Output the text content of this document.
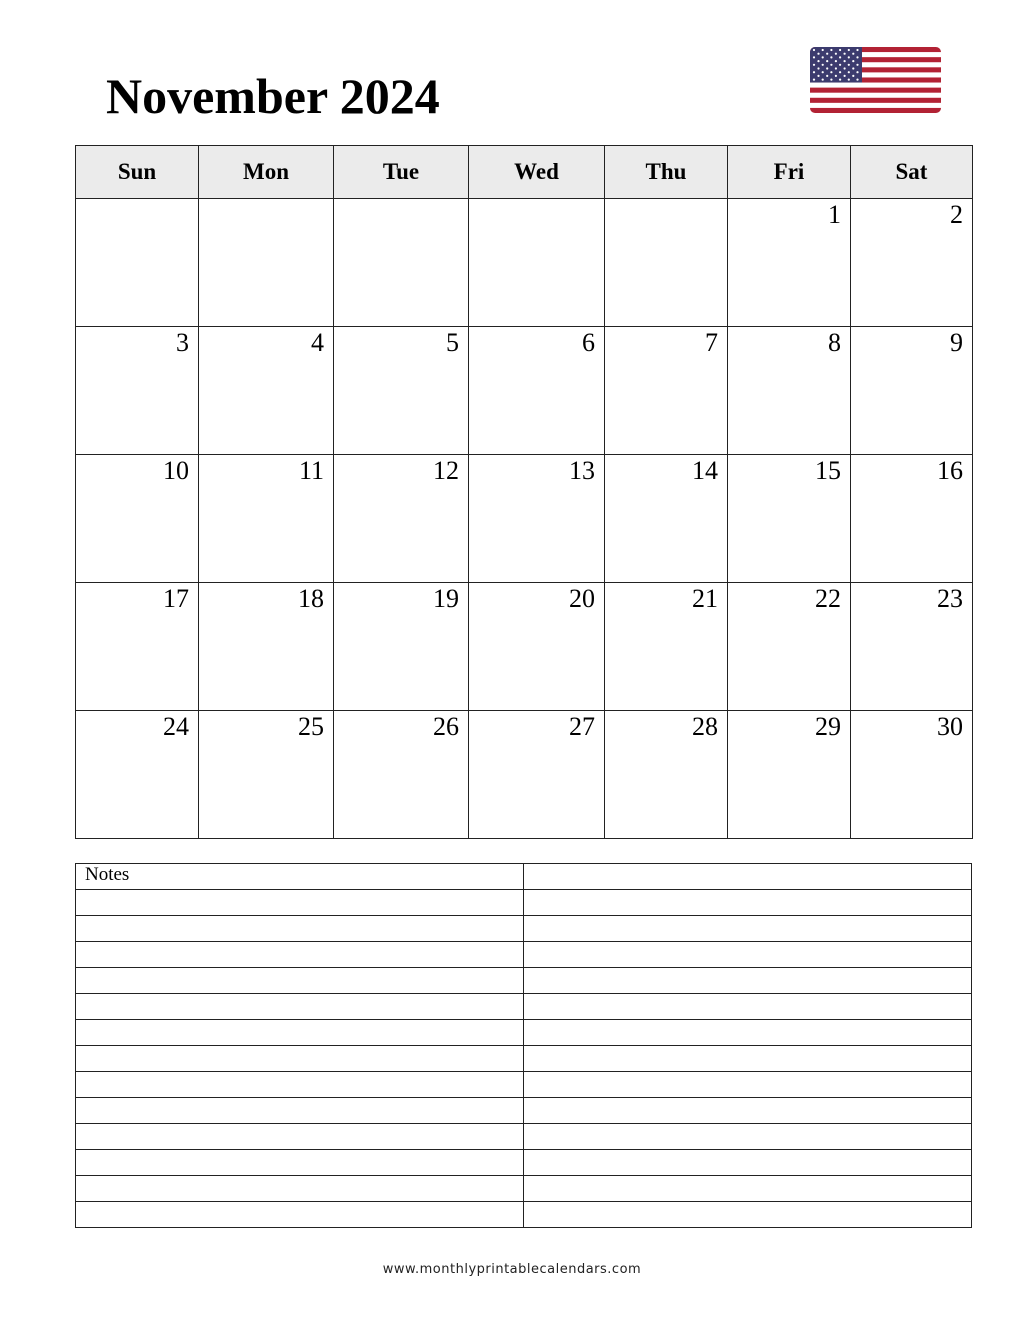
November 2024
Sun	Mon	Tue	Wed	Thu	Fri	Sat
					1	2
3	4	5	6	7	8	9
10	11	12	13	14	15	16
17	18	19	20	21	22	23
24	25	26	27	28	29	30
Notes	

www.monthlyprintablecalendars.com
